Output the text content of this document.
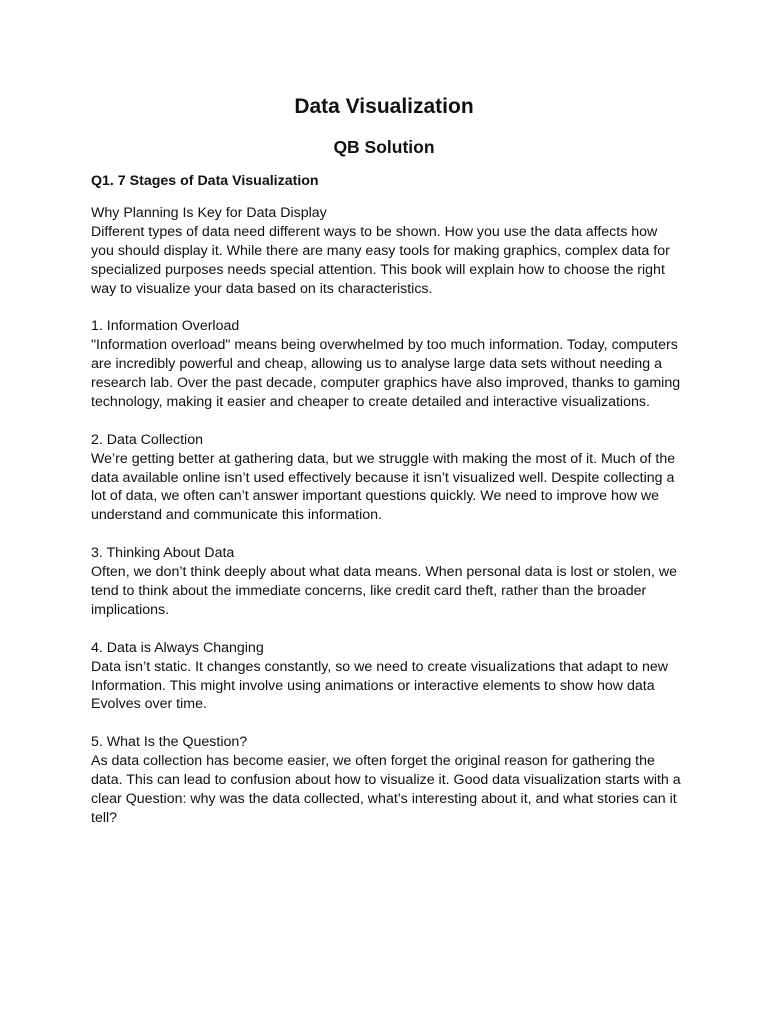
Data Visualization
QB Solution

Q1. 7 Stages of Data Visualization

Why Planning Is Key for Data Display
Different types of data need different ways to be shown. How you use the data affects how you should display it. While there are many easy tools for making graphics, complex data for specialized purposes needs special attention. This book will explain how to choose the right way to visualize your data based on its characteristics.
1. Information Overload
"Information overload" means being overwhelmed by too much information. Today, computers are incredibly powerful and cheap, allowing us to analyse large data sets without needing a research lab. Over the past decade, computer graphics have also improved, thanks to gaming technology, making it easier and cheaper to create detailed and interactive visualizations.
2. Data Collection
We’re getting better at gathering data, but we struggle with making the most of it. Much of the data available online isn’t used effectively because it isn’t visualized well. Despite collecting a lot of data, we often can’t answer important questions quickly. We need to improve how we understand and communicate this information.
3. Thinking About Data
Often, we don’t think deeply about what data means. When personal data is lost or stolen, we tend to think about the immediate concerns, like credit card theft, rather than the broader implications.
4. Data is Always Changing
Data isn’t static. It changes constantly, so we need to create visualizations that adapt to new Information. This might involve using animations or interactive elements to show how data Evolves over time.
5. What Is the Question?
As data collection has become easier, we often forget the original reason for gathering the data. This can lead to confusion about how to visualize it. Good data visualization starts with a clear Question: why was the data collected, what’s interesting about it, and what stories can it tell?
